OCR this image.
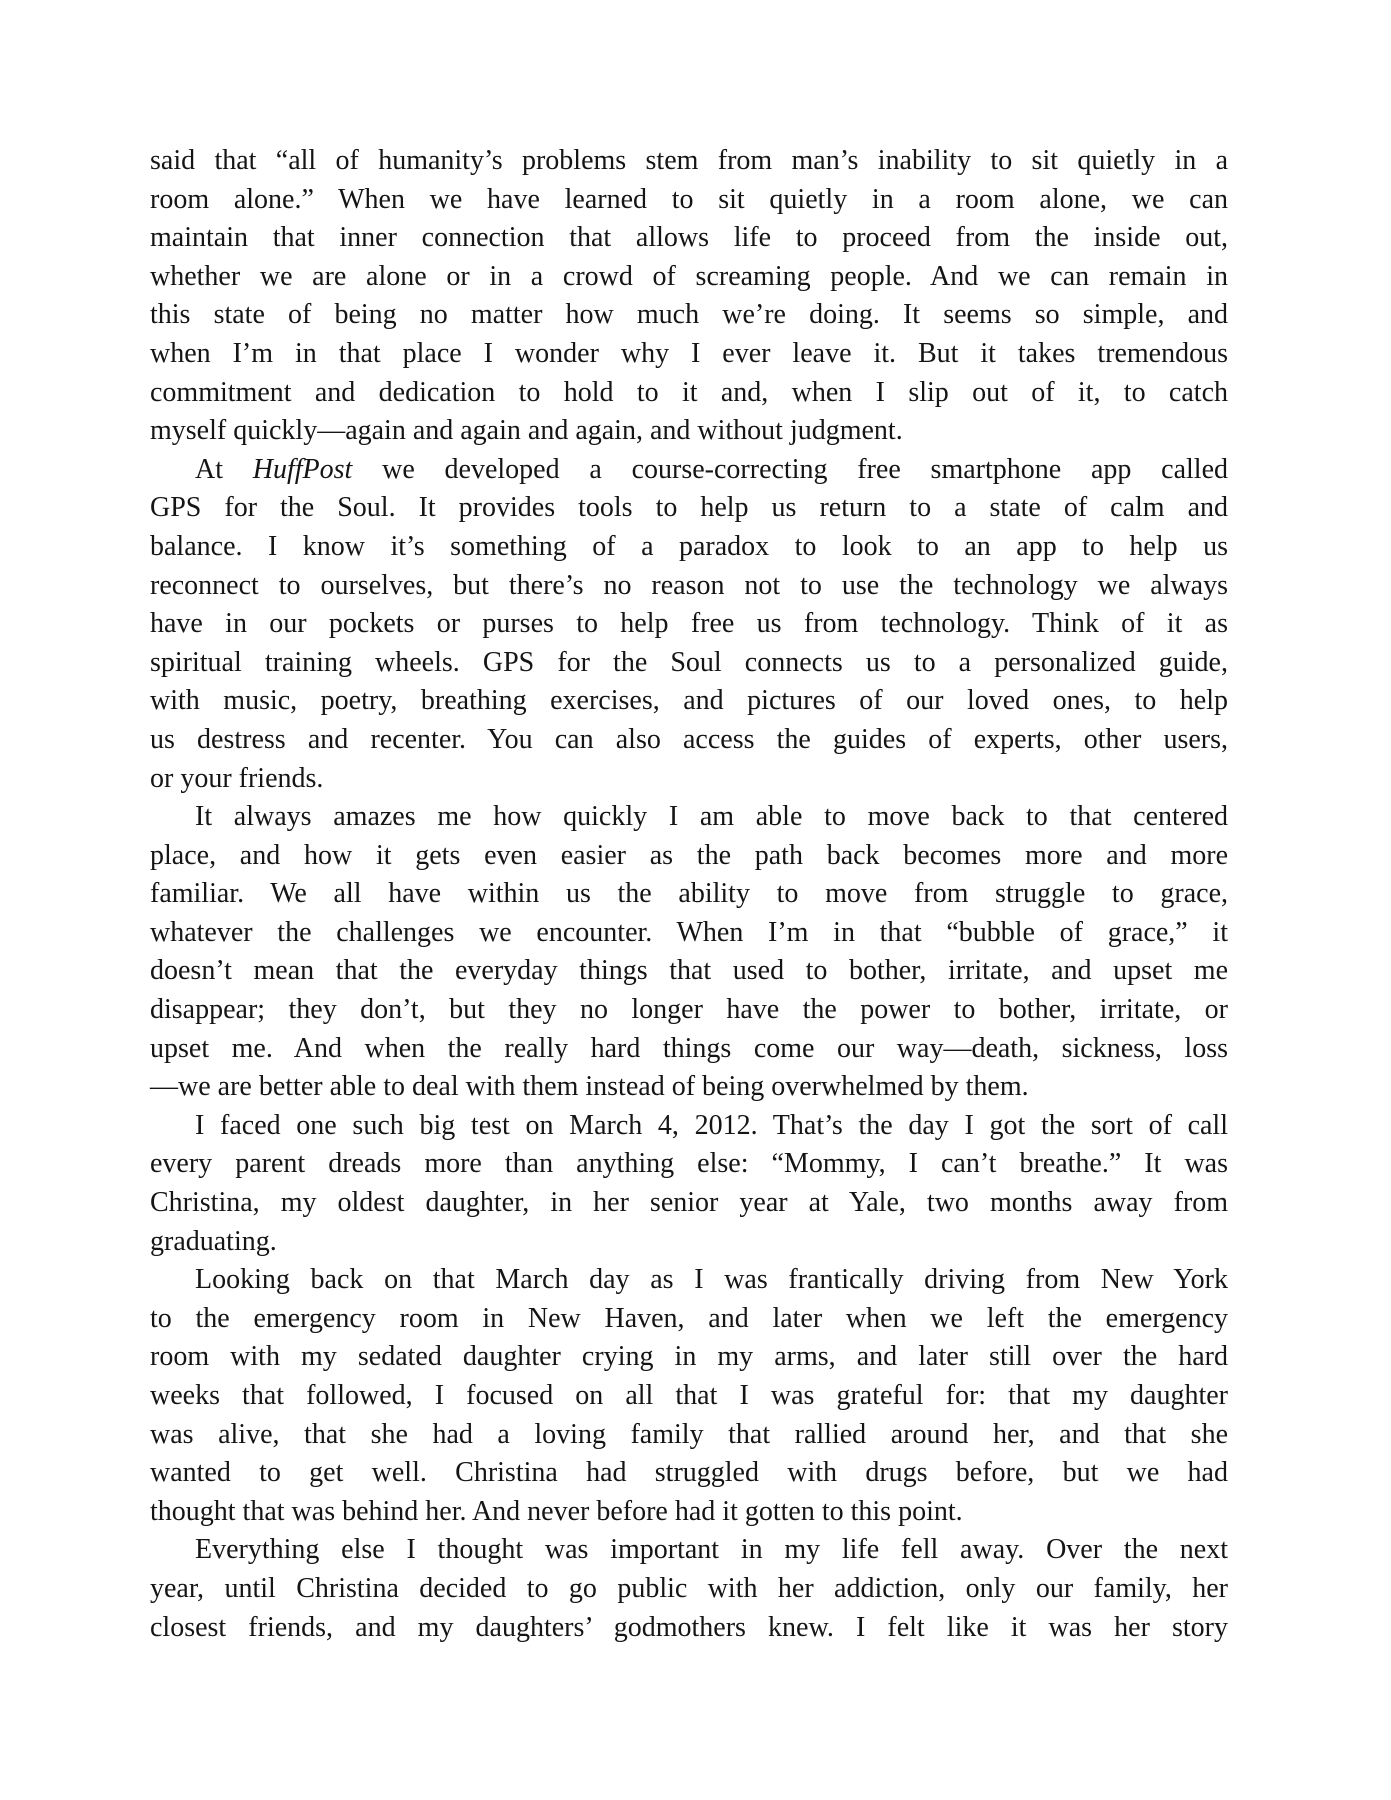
said that “all of humanity’s problems stem from man’s inability to sit quietly in a
room alone.” When we have learned to sit quietly in a room alone, we can
maintain that inner connection that allows life to proceed from the inside out,
whether we are alone or in a crowd of screaming people. And we can remain in
this state of being no matter how much we’re doing. It seems so simple, and
when I’m in that place I wonder why I ever leave it. But it takes tremendous
commitment and dedication to hold to it and, when I slip out of it, to catch
myself quickly—again and again and again, and without judgment.
At HuffPost we developed a course-correcting free smartphone app called
GPS for the Soul. It provides tools to help us return to a state of calm and
balance. I know it’s something of a paradox to look to an app to help us
reconnect to ourselves, but there’s no reason not to use the technology we always
have in our pockets or purses to help free us from technology. Think of it as
spiritual training wheels. GPS for the Soul connects us to a personalized guide,
with music, poetry, breathing exercises, and pictures of our loved ones, to help
us destress and recenter. You can also access the guides of experts, other users,
or your friends.
It always amazes me how quickly I am able to move back to that centered
place, and how it gets even easier as the path back becomes more and more
familiar. We all have within us the ability to move from struggle to grace,
whatever the challenges we encounter. When I’m in that “bubble of grace,” it
doesn’t mean that the everyday things that used to bother, irritate, and upset me
disappear; they don’t, but they no longer have the power to bother, irritate, or
upset me. And when the really hard things come our way—death, sickness, loss
—we are better able to deal with them instead of being overwhelmed by them.
I faced one such big test on March 4, 2012. That’s the day I got the sort of call
every parent dreads more than anything else: “Mommy, I can’t breathe.” It was
Christina, my oldest daughter, in her senior year at Yale, two months away from
graduating.
Looking back on that March day as I was frantically driving from New York
to the emergency room in New Haven, and later when we left the emergency
room with my sedated daughter crying in my arms, and later still over the hard
weeks that followed, I focused on all that I was grateful for: that my daughter
was alive, that she had a loving family that rallied around her, and that she
wanted to get well. Christina had struggled with drugs before, but we had
thought that was behind her. And never before had it gotten to this point.
Everything else I thought was important in my life fell away. Over the next
year, until Christina decided to go public with her addiction, only our family, her
closest friends, and my daughters’ godmothers knew. I felt like it was her story
